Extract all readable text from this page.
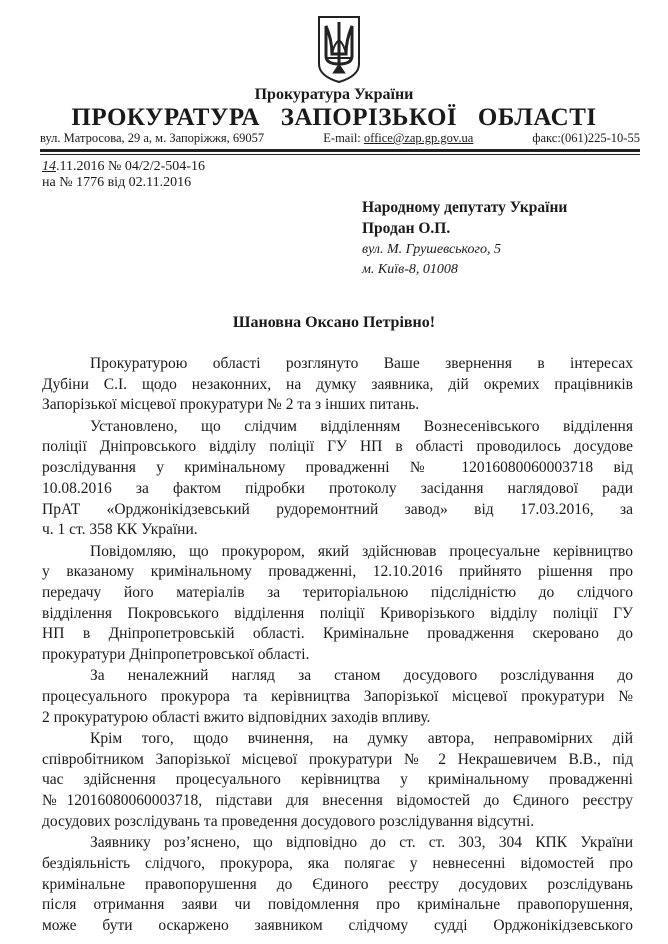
Прокуратура України
ПРОКУРАТУРА ЗАПОРІЗЬКОЇ ОБЛАСТІ
вул. Матросова, 29 а, м. Запоріжжя, 69057	E-mail: office@zap.gp.gov.ua	факс:(061)225-10-55
14.11.2016 № 04/2/2-504-16
на № 1776 від 02.11.2016
Народному депутату України
Продан О.П.
вул. М. Грушевського, 5
м. Київ-8, 01008
Шановна Оксано Петрівно!
Прокуратурою області розглянуто Ваше звернення в інтересах
Дубіни С.І. щодо незаконних, на думку заявника, дій окремих працівників
Запорізької місцевої прокуратури № 2 та з інших питань.
Установлено, що слідчим відділенням Вознесенівського відділення
поліції Дніпровського відділу поліції ГУ НП в області проводилось досудове
розслідування у кримінальному провадженні № 12016080060003718 від
10.08.2016 за фактом підробки протоколу засідання наглядової ради
ПрАТ «Орджонікідзевський рудоремонтний завод» від 17.03.2016, за
ч. 1 ст. 358 КК України.
Повідомляю, що прокурором, який здійснював процесуальне керівництво
у вказаному кримінальному провадженні, 12.10.2016 прийнято рішення про
передачу його матеріалів за територіальною підслідністю до слідчого
відділення Покровського відділення поліції Криворізького відділу поліції ГУ
НП в Дніпропетровській області. Кримінальне провадження скеровано до
прокуратури Дніпропетровської області.
За неналежний нагляд за станом досудового розслідування до
процесуального прокурора та керівництва Запорізької місцевої прокуратури №
2 прокуратурою області вжито відповідних заходів впливу.
Крім того, щодо вчинення, на думку автора, неправомірних дій
співробітником Запорізької місцевої прокуратури № 2 Некрашевичем В.В., під
час здійснення процесуального керівництва у кримінальному провадженні
№12016080060003718, підстави для внесення відомостей до Єдиного реєстру
досудових розслідувань та проведення досудового розслідування відсутні.
Заявнику роз’яснено, що відповідно до ст. ст. 303, 304 КПК України
бездіяльність слідчого, прокурора, яка полягає у невнесенні відомостей про
кримінальне правопорушення до Єдиного реєстру досудових розслідувань
після отримання заяви чи повідомлення про кримінальне правопорушення,
може бути оскаржено заявником слідчому судді Орджонікідзевського
